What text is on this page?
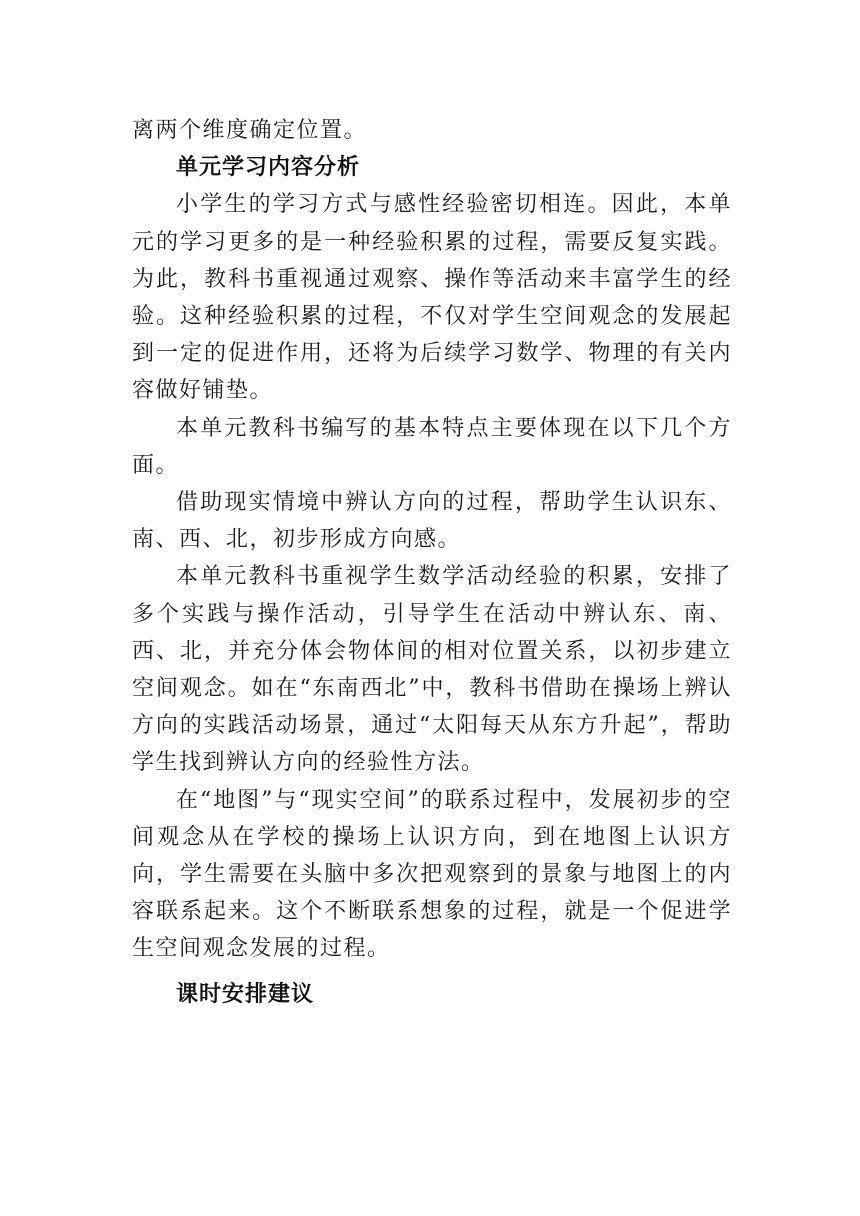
离两个维度确定位置。

单元学习内容分析

小学生的学习方式与感性经验密切相连。因此，本单元的学习更多的是一种经验积累的过程，需要反复实践。为此，教科书重视通过观察、操作等活动来丰富学生的经验。这种经验积累的过程，不仅对学生空间观念的发展起到一定的促进作用，还将为后续学习数学、物理的有关内容做好铺垫。

本单元教科书编写的基本特点主要体现在以下几个方面。

借助现实情境中辨认方向的过程，帮助学生认识东、南、西、北，初步形成方向感。

本单元教科书重视学生数学活动经验的积累，安排了多个实践与操作活动，引导学生在活动中辨认东、南、西、北，并充分体会物体间的相对位置关系，以初步建立空间观念。如在“东南西北”中，教科书借助在操场上辨认方向的实践活动场景，通过“太阳每天从东方升起”，帮助学生找到辨认方向的经验性方法。

在“地图”与“现实空间”的联系过程中，发展初步的空间观念从在学校的操场上认识方向，到在地图上认识方向，学生需要在头脑中多次把观察到的景象与地图上的内容联系起来。这个不断联系想象的过程，就是一个促进学生空间观念发展的过程。

课时安排建议
